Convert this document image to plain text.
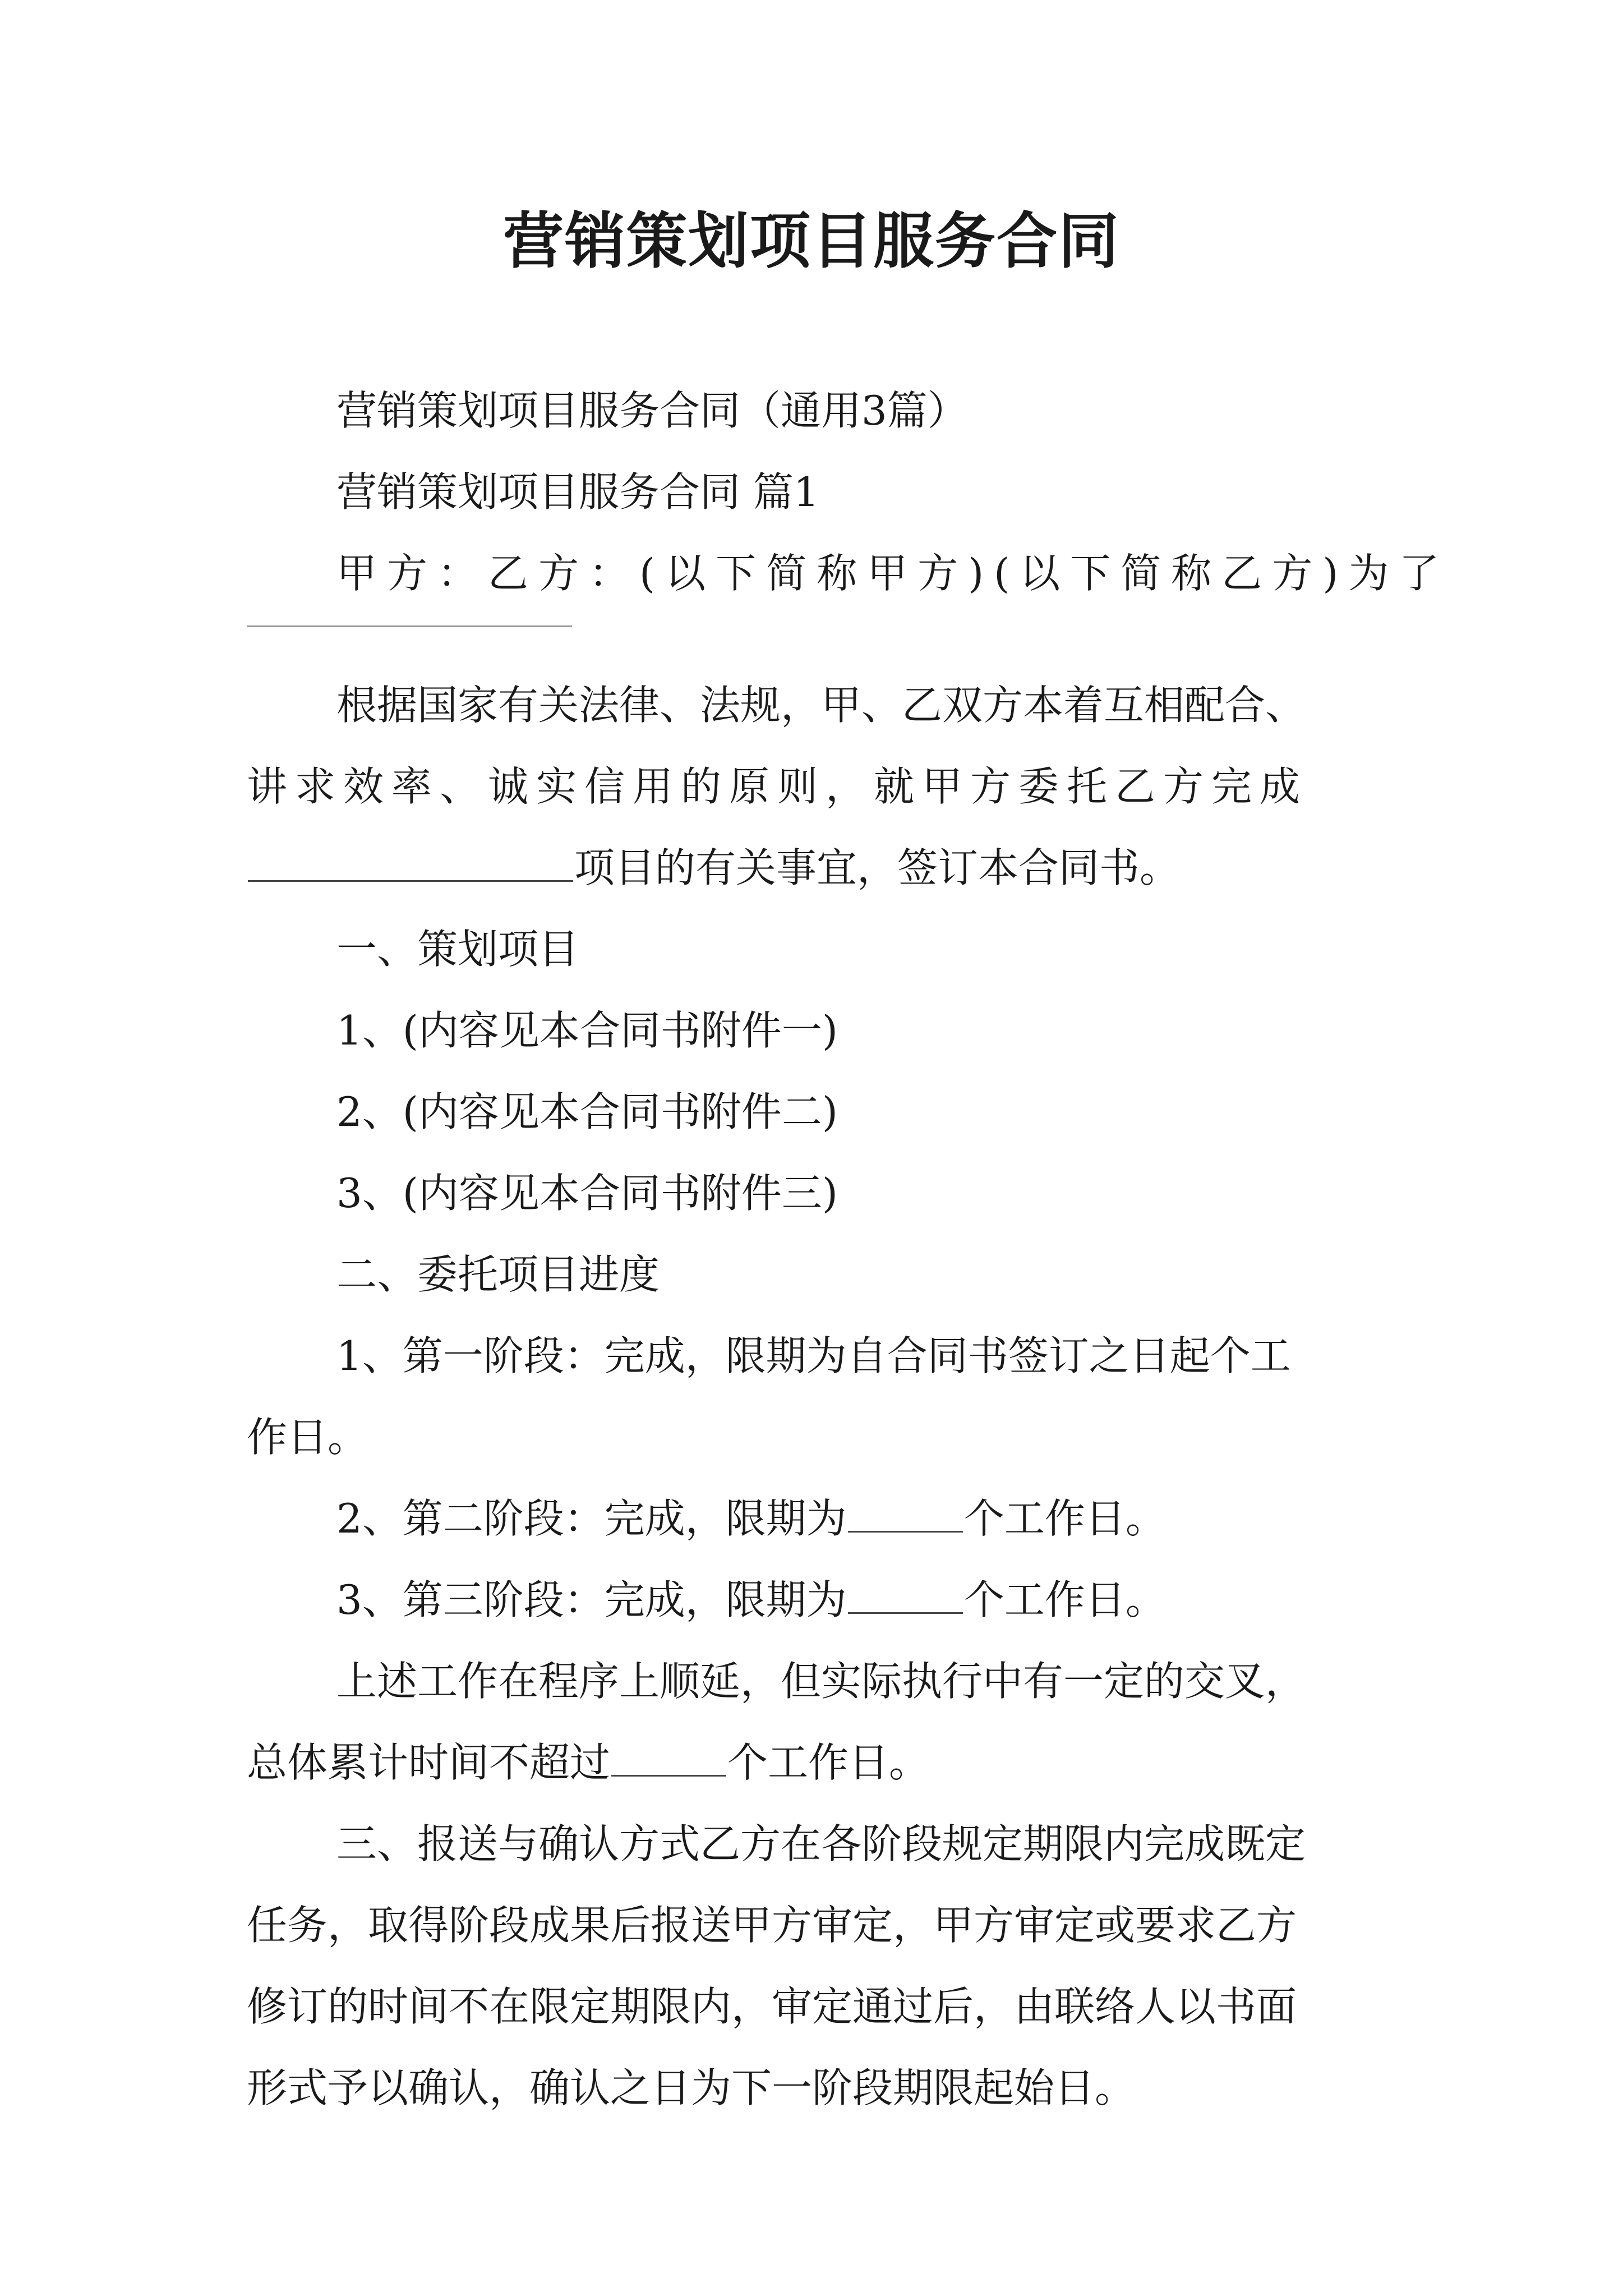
营销策划项目服务合同
营销策划项目服务合同（通用3篇）
营销策划项目服务合同 篇1
甲方：乙方：(以下简称甲方)(以下简称乙方)为了
根据国家有关法律、法规，甲、乙双方本着互相配合、
讲求效率、诚实信用的原则，就甲方委托乙方完成
项目的有关事宜，签订本合同书。
一、策划项目
1、(内容见本合同书附件一)
2、(内容见本合同书附件二)
3、(内容见本合同书附件三)
二、委托项目进度
1、第一阶段：完成，限期为自合同书签订之日起个工
作日。
2、第二阶段：完成，限期为	个工作日。
3、第三阶段：完成，限期为	个工作日。
上述工作在程序上顺延，但实际执行中有一定的交叉，
总体累计时间不超过	个工作日。
三、报送与确认方式乙方在各阶段规定期限内完成既定
任务，取得阶段成果后报送甲方审定，甲方审定或要求乙方
修订的时间不在限定期限内，审定通过后，由联络人以书面
形式予以确认，确认之日为下一阶段期限起始日。
